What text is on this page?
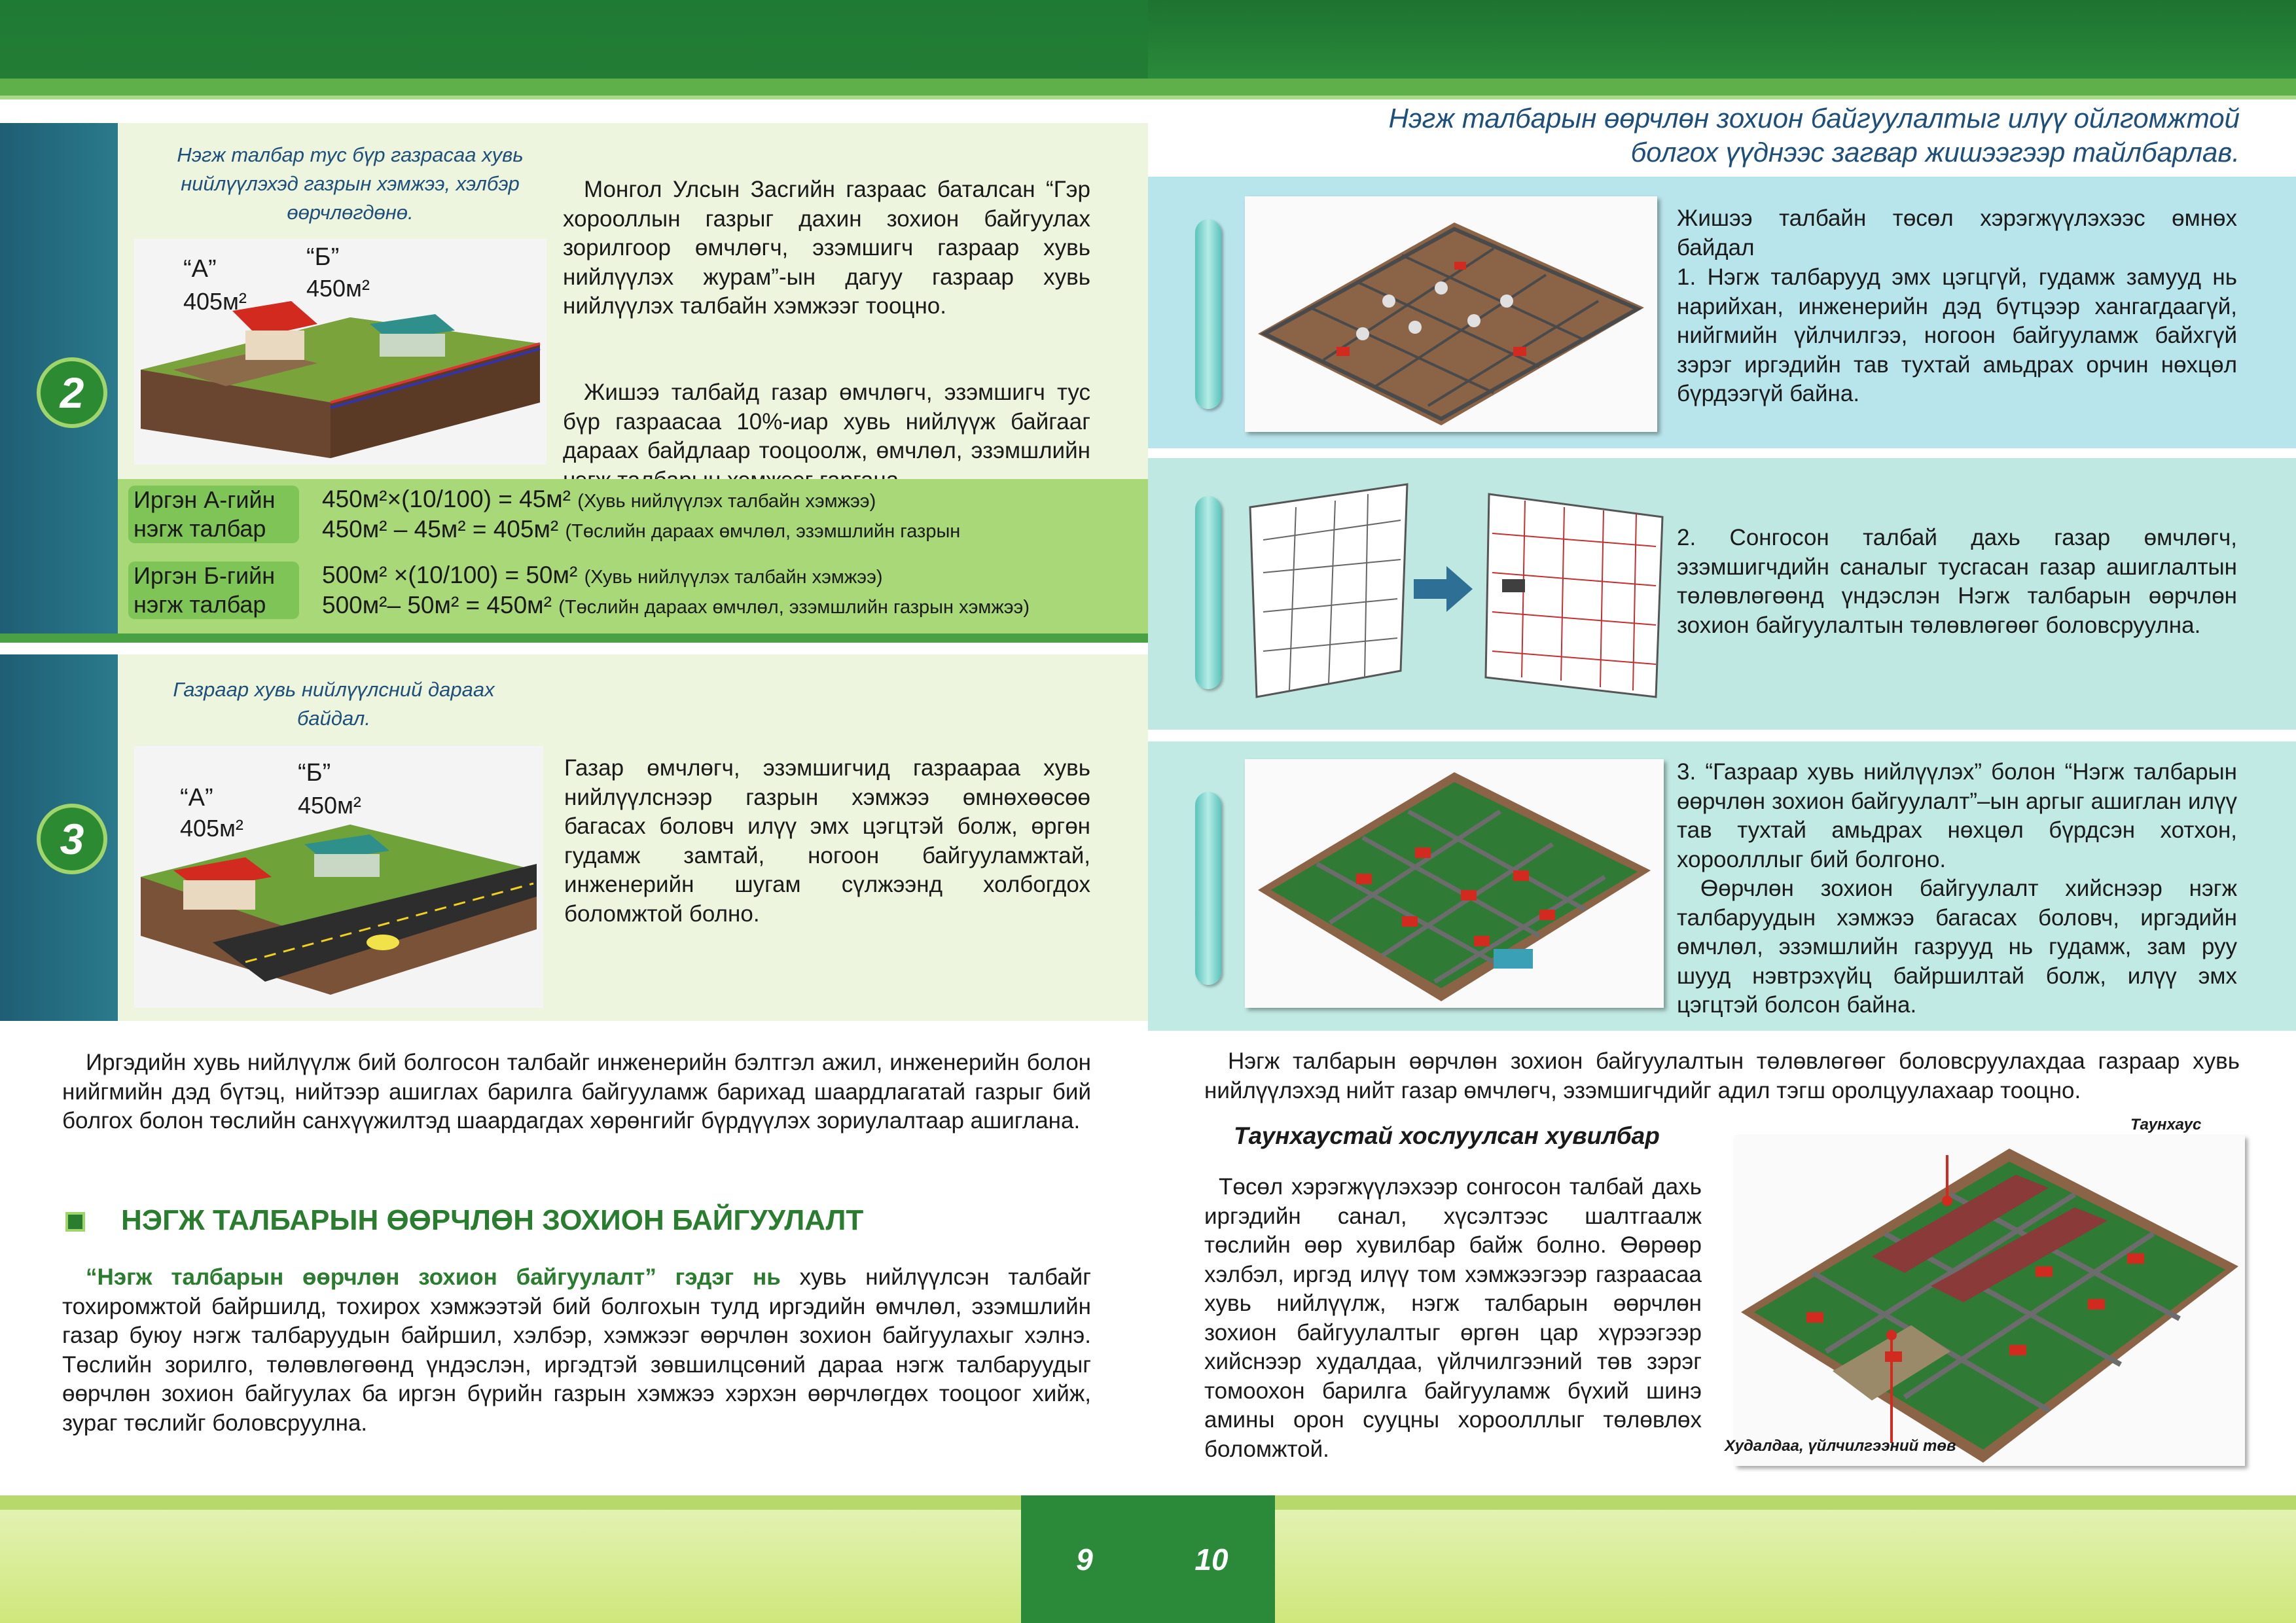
2
Нэгж талбар тус бүр газрасаа хувь нийлүүлэхэд газрын хэмжээ, хэлбэр өөрчлөгдөнө.
“А”
405м²
“Б”
450м²
Монгол Улсын Засгийн газраас баталсан “Гэр хорооллын газрыг дахин зохион байгуулах зорилгоор өмчлөгч, эзэмшигч газраар хувь нийлүүлэх журам”-ын дагуу газраар хувь нийлүүлэх талбайн хэмжээг тооцно.
Жишээ талбайд газар өмчлөгч, эзэмшигч тус бүр газраасаа 10%-иар хувь нийлүүж байгааг дараах байдлаар тооцоолж, өмчлөл, эзэмшлийн
Иргэн А-гийн нэгж талбар
450м²×(10/100) = 45м² (Хувь нийлүүлэх талбайн хэмжээ)
450м² – 45м² = 405м² (Төслийн дараах өмчлөл, эзэмшлийн газрын
Иргэн Б-гийн нэгж талбар
500м² ×(10/100) = 50м² (Хувь нийлүүлэх талбайн хэмжээ)
500м²– 50м² = 450м² (Төслийн дараах өмчлөл, эзэмшлийн газрын хэмжээ)
3
Газраар хувь нийлүүлсний дараах байдал.
“А”
405м²
“Б”
450м²
Газар өмчлөгч, эзэмшигчид газраараа хувь нийлүүлснээр газрын хэмжээ өмнөхөөсөө багасах боловч илүү эмх цэгцтэй болж, өргөн гудамж замтай, ногоон байгууламжтай, инженерийн шугам сүлжээнд холбогдох боломжтой болно.
Иргэдийн хувь нийлүүлж бий болгосон талбайг инженерийн бэлтгэл ажил, инженерийн болон нийгмийн дэд бүтэц, нийтээр ашиглах барилга байгууламж барихад шаардлагатай газрыг бий болгох болон төслийн санхүүжилтэд шаардагдах хөрөнгийг бүрдүүлэх зориулалтаар ашиглана.
НЭГЖ ТАЛБАРЫН ӨӨРЧЛӨН ЗОХИОН БАЙГУУЛАЛТ
“Нэгж талбарын өөрчлөн зохион байгуулалт” гэдэг нь хувь нийлүүлсэн талбайг тохиромжтой байршилд, тохирох хэмжээтэй бий болгохын тулд иргэдийн өмчлөл, эзэмшлийн газар буюу нэгж талбаруудын байршил, хэлбэр, хэмжээг өөрчлөн зохион байгуулахыг хэлнэ. Төслийн зорилго, төлөвлөгөөнд үндэслэн, иргэдтэй зөвшилцсөний дараа нэгж талбаруудыг өөрчлөн зохион байгуулах ба иргэн бүрийн газрын хэмжээ хэрхэн өөрчлөгдөх тооцоог хийж, зураг төслийг боловсруулна.
Нэгж талбарын өөрчлөн зохион байгуулалтыг илүү ойлгомжтой
болгох үүднээс загвар жишээгээр тайлбарлав.
Жишээ талбайн төсөл хэрэгжүүлэхээс өмнөх байдал
1. Нэгж талбарууд эмх цэгцгүй, гудамж замууд нь нарийхан, инженерийн дэд бүтцээр хангагдаагүй, нийгмийн үйлчилгээ, ногоон байгууламж байхгүй зэрэг иргэдийн тав тухтай амьдрах орчин нөхцөл бүрдээгүй байна.
2. Сонгосон талбай дахь газар өмчлөгч, эзэмшигчдийн саналыг тусгасан газар ашиглалтын төлөвлөгөөнд үндэслэн Нэгж талбарын өөрчлөн зохион байгуулалтын төлөвлөгөөг боловсруулна.
3. “Газраар хувь нийлүүлэх” болон “Нэгж талбарын өөрчлөн зохион байгуулалт”–ын аргыг ашиглан илүү тав тухтай амьдрах нөхцөл бүрдсэн хотхон, хороолллыг бий болгоно.
Өөрчлөн зохион байгуулалт хийснээр нэгж талбаруудын хэмжээ багасах боловч, иргэдийн өмчлөл, эзэмшлийн газрууд нь гудамж, зам руу шууд нэвтрэхүйц байршилтай болж, илүү эмх цэгцтэй болсон байна.
Нэгж талбарын өөрчлөн зохион байгуулалтын төлөвлөгөөг боловсруулахдаа газраар хувь нийлүүлэхэд нийт газар өмчлөгч, эзэмшигчдийг адил тэгш оролцуулахаар тооцно.
Таунхаустай хослуулсан хувилбар
Төсөл хэрэгжүүлэхээр сонгосон талбай дахь иргэдийн санал, хүсэлтээс шалтгаалж төслийн өөр хувилбар байж болно. Өөрөөр хэлбэл, иргэд илүү том хэмжээгээр газраасаа хувь нийлүүлж, нэгж талбарын өөрчлөн зохион байгуулалтыг өргөн цар хүрээгээр хийснээр худалдаа, үйлчилгээний төв зэрэг томоохон барилга байгууламж бүхий шинэ амины орон сууцны хороолллыг төлөвлөх боломжтой.
Таунхаус
Худалдаа, үйлчилгээний төв
9	10
